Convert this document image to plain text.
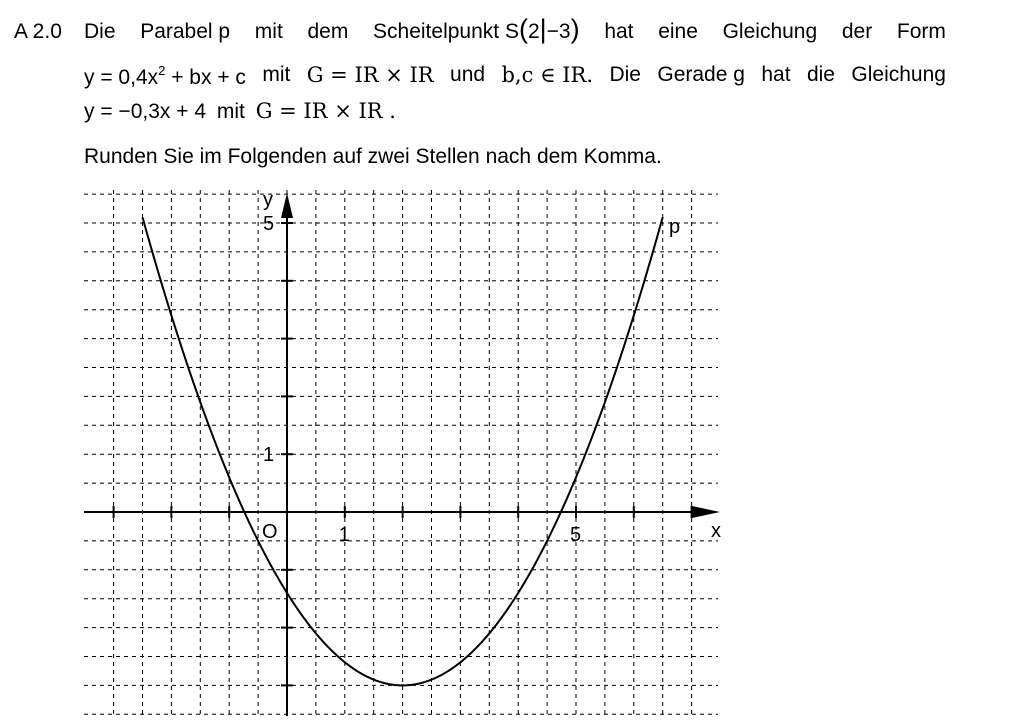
A 2.0 Die Parabel p mit dem Scheitelpunkt S(2|−3) hat eine Gleichung der Form
$y = 0,4x^2$ + bx + c mit G = IR × IR und b,c ∈ IR. Die Gerade g hat die Gleichung
y = −0,3x + 4 mit G = IR × IR .
Runden Sie im Folgenden auf zwei Stellen nach dem Komma.
p
x
y
O	1	5
1
5
